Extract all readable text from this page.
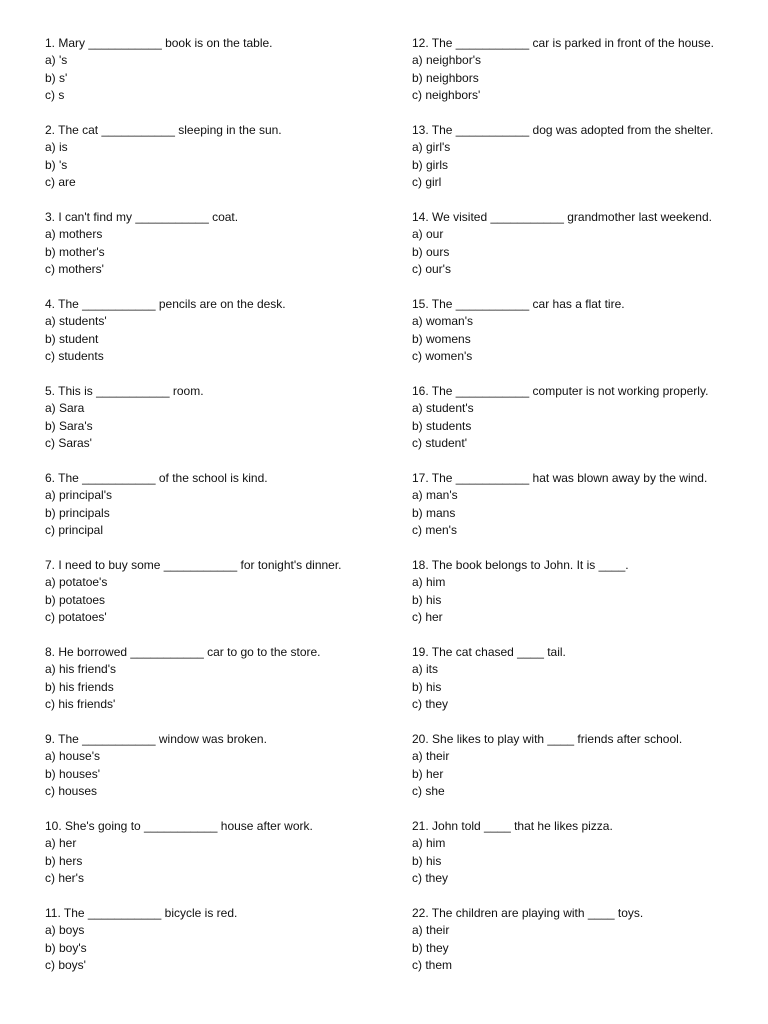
1. Mary ___________ book is on the table.
a) 's
b) s'
c) s
2. The cat ___________ sleeping in the sun.
a) is
b) 's
c) are
3. I can't find my ___________ coat.
a) mothers
b) mother's
c) mothers'
4. The ___________ pencils are on the desk.
a) students'
b) student
c) students
5. This is ___________ room.
a) Sara
b) Sara's
c) Saras'
6. The ___________ of the school is kind.
a) principal's
b) principals
c) principal
7. I need to buy some ___________ for tonight's dinner.
a) potatoe's
b) potatoes
c) potatoes'
8. He borrowed ___________ car to go to the store.
a) his friend's
b) his friends
c) his friends'
9. The ___________ window was broken.
a) house's
b) houses'
c) houses
10. She's going to ___________ house after work.
a) her
b) hers
c) her's
11. The ___________ bicycle is red.
a) boys
b) boy's
c) boys'
12. The ___________ car is parked in front of the house.
a) neighbor's
b) neighbors
c) neighbors'
13. The ___________ dog was adopted from the shelter.
a) girl's
b) girls
c) girl
14. We visited ___________ grandmother last weekend.
a) our
b) ours
c) our's
15. The ___________ car has a flat tire.
a) woman's
b) womens
c) women's
16. The ___________ computer is not working properly.
a) student's
b) students
c) student'
17. The ___________ hat was blown away by the wind.
a) man's
b) mans
c) men's
18. The book belongs to John. It is ____.
a) him
b) his
c) her
19. The cat chased ____ tail.
a) its
b) his
c) they
20. She likes to play with ____ friends after school.
a) their
b) her
c) she
21. John told ____ that he likes pizza.
a) him
b) his
c) they
22. The children are playing with ____ toys.
a) their
b) they
c) them
